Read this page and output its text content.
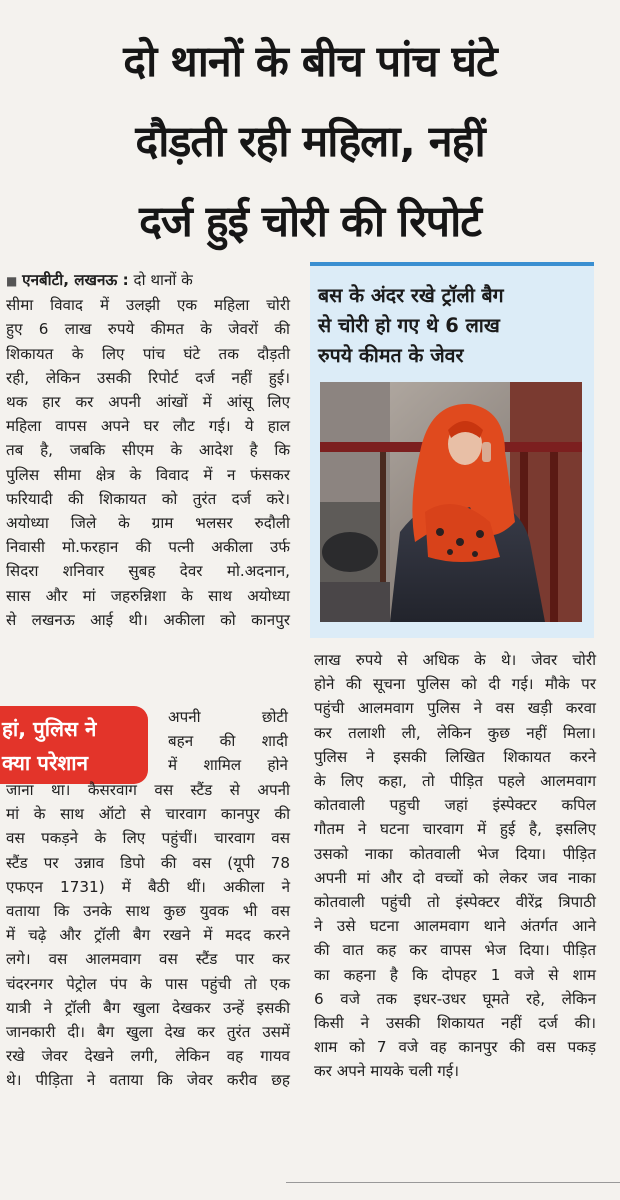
दो थानों के बीच पांच घंटे
दौड़ती रही महिला, नहीं
दर्ज हुई चोरी की रिपोर्ट

■ एनबीटी, लखनऊ : दो थानों के

सीमा विवाद में उलझी एक महिला चोरी

हुए 6 लाख रुपये कीमत के जेवरों की

शिकायत के लिए पांच घंटे तक दौड़ती

रही, लेकिन उसकी रिपोर्ट दर्ज नहीं हुई।

थक हार कर अपनी आंखों में आंसू लिए

महिला वापस अपने घर लौट गई। ये हाल

तब है, जबकि सीएम के आदेश है कि

पुलिस सीमा क्षेत्र के विवाद में न फंसकर

फरियादी की शिकायत को तुरंत दर्ज करे।

अयोध्या जिले के ग्राम भलसर रुदौली

निवासी मो.फरहान की पत्नी अकीला उर्फ

सिदरा शनिवार सुबह देवर मो.अदनान,

सास और मां जहरुन्निशा के साथ अयोध्या

से लखनऊ आई थी। अकीला को कानपुर

हां, पुलिस ने
क्या परेशान

अपनी छोटी

बहन की शादी

में शामिल होने

जाना था। कैसरवाग वस स्टैंड से अपनी

मां के साथ ऑटो से चारवाग कानपुर की

वस पकड़ने के लिए पहुंचीं। चारवाग वस

स्टैंड पर उन्नाव डिपो की वस (यूपी 78

एफएन 1731) में बैठी थीं। अकीला ने

वताया कि उनके साथ कुछ युवक भी वस

में चढ़े और ट्रॉली बैग रखने में मदद करने

लगे। वस आलमवाग वस स्टैंड पार कर

चंदरनगर पेट्रोल पंप के पास पहुंची तो एक

यात्री ने ट्रॉली बैग खुला देखकर उन्हें इसकी

जानकारी दी। बैग खुला देख कर तुरंत उसमें

रखे जेवर देखने लगी, लेकिन वह गायव

थे। पीड़िता ने वताया कि जेवर करीव छह

बस के अंदर रखे ट्रॉली बैग
से चोरी हो गए थे 6 लाख
रुपये कीमत के जेवर

लाख रुपये से अधिक के थे। जेवर चोरी

होने की सूचना पुलिस को दी गई। मौके पर

पहुंची आलमवाग पुलिस ने वस खड़ी करवा

कर तलाशी ली, लेकिन कुछ नहीं मिला।

पुलिस ने इसकी लिखित शिकायत करने

के लिए कहा, तो पीड़ित पहले आलमवाग

कोतवाली पहुची जहां इंस्पेक्टर कपिल

गौतम ने घटना चारवाग में हुई है, इसलिए

उसको नाका कोतवाली भेज दिया। पीड़ित

अपनी मां और दो वच्चों को लेकर जव नाका

कोतवाली पहुंची तो इंस्पेक्टर वीरेंद्र त्रिपाठी

ने उसे घटना आलमवाग थाने अंतर्गत आने

की वात कह कर वापस भेज दिया। पीड़ित

का कहना है कि दोपहर 1 वजे से शाम

6 वजे तक इधर-उधर घूमते रहे, लेकिन

किसी ने उसकी शिकायत नहीं दर्ज की।

शाम को 7 वजे वह कानपुर की वस पकड़

कर अपने मायके चली गई।
